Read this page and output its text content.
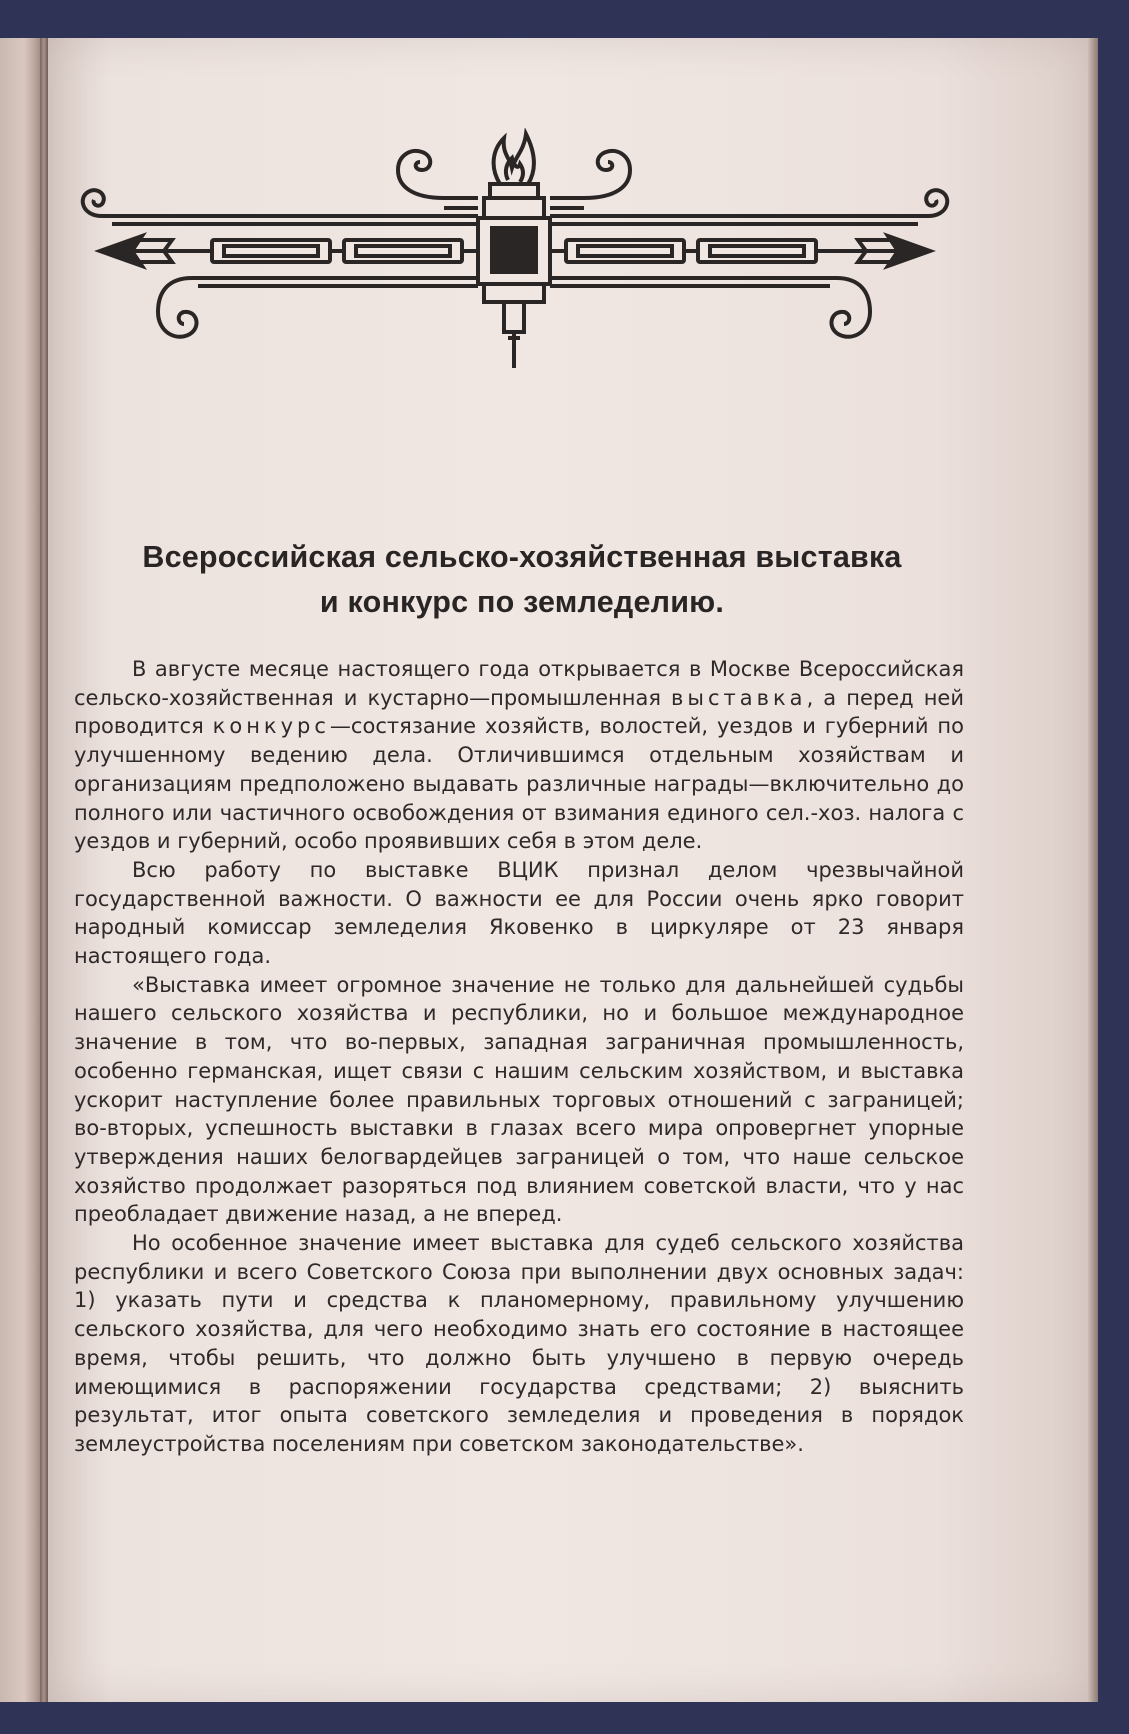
Всероссийская сельско-хозяйственная выставка
и конкурс по земледелию.

В августе месяце настоящего года открывается в Москве Всероссийская сельско-хозяйственная и кустарно—промышленная выставка, а перед ней проводится конкурс—состязание хозяйств, волостей, уездов и губерний по улучшенному ведению дела. Отличившимся отдельным хозяйствам и организациям предположено выдавать различные награды—включительно до полного или частичного освобождения от взимания единого сел.-хоз. налога с уездов и губерний, особо проявивших себя в этом деле.

Всю работу по выставке ВЦИК признал делом чрезвычайной государственной важности. О важности ее для России очень ярко говорит народный комиссар земледелия Яковенко в циркуляре от 23 января настоящего года.

«Выставка имеет огромное значение не только для дальнейшей судьбы нашего сельского хозяйства и республики, но и большое международное значение в том, что во-первых, западная заграничная промышленность, особенно германская, ищет связи с нашим сельским хозяйством, и выставка ускорит наступление более правильных торговых отношений с заграницей; во-вторых, успешность выставки в глазах всего мира опровергнет упорные утверждения наших белогвардейцев заграницей о том, что наше сельское хозяйство продолжает разоряться под влиянием советской власти, что у нас преобладает движение назад, а не вперед.

Но особенное значение имеет выставка для судеб сельского хозяйства республики и всего Советского Союза при выполнении двух основных задач: 1) указать пути и средства к планомерному, правильному улучшению сельского хозяйства, для чего необходимо знать его состояние в настоящее время, чтобы решить, что должно быть улучшено в первую очередь имеющимися в распоряжении государства средствами; 2) выяснить результат, итог опыта советского земледелия и проведения в порядок землеустройства поселениям при советском законодательстве».
